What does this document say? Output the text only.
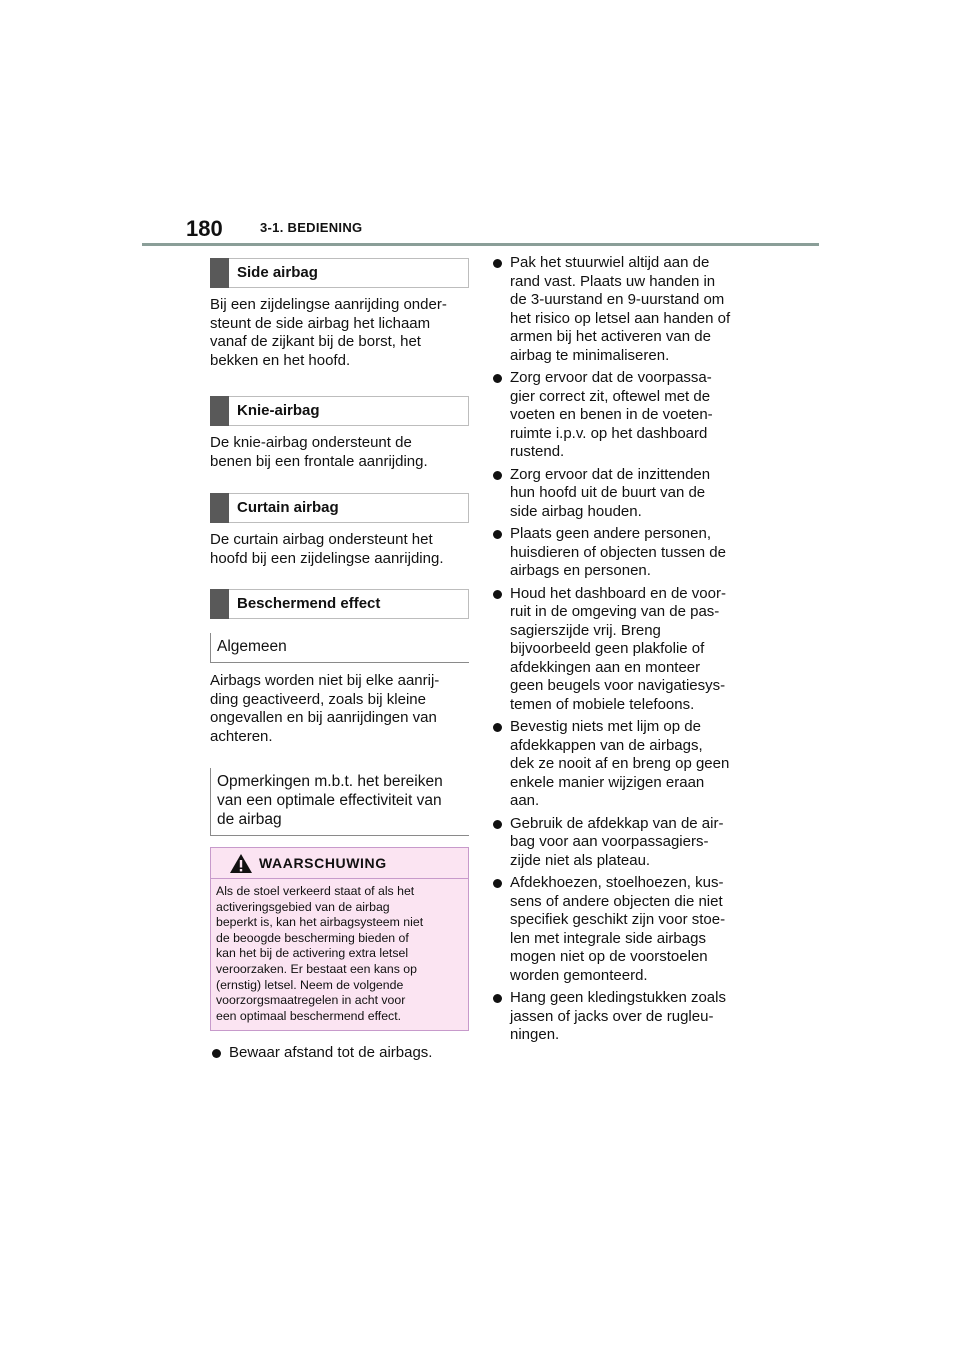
180	3-1. BEDIENING
Side airbag
Bij een zijdelingse aanrijding onder-
steunt de side airbag het lichaam
vanaf de zijkant bij de borst, het
bekken en het hoofd.
Knie-airbag
De knie-airbag ondersteunt de
benen bij een frontale aanrijding.
Curtain airbag
De curtain airbag ondersteunt het
hoofd bij een zijdelingse aanrijding.
Beschermend effect
Algemeen
Airbags worden niet bij elke aanrij-
ding geactiveerd, zoals bij kleine
ongevallen en bij aanrijdingen van
achteren.
Opmerkingen m.b.t. het bereiken
van een optimale effectiviteit van
de airbag
WAARSCHUWING
Als de stoel verkeerd staat of als het
activeringsgebied van de airbag
beperkt is, kan het airbagsysteem niet
de beoogde bescherming bieden of
kan het bij de activering extra letsel
veroorzaken. Er bestaat een kans op
(ernstig) letsel. Neem de volgende
voorzorgsmaatregelen in acht voor
een optimaal beschermend effect.
Bewaar afstand tot de airbags.
Pak het stuurwiel altijd aan de
rand vast. Plaats uw handen in
de 3-uurstand en 9-uurstand om
het risico op letsel aan handen of
armen bij het activeren van de
airbag te minimaliseren.
Zorg ervoor dat de voorpassa-
gier correct zit, oftewel met de
voeten en benen in de voeten-
ruimte i.p.v. op het dashboard
rustend.
Zorg ervoor dat de inzittenden
hun hoofd uit de buurt van de
side airbag houden.
Plaats geen andere personen,
huisdieren of objecten tussen de
airbags en personen.
Houd het dashboard en de voor-
ruit in de omgeving van de pas-
sagierszijde vrij. Breng
bijvoorbeeld geen plakfolie of
afdekkingen aan en monteer
geen beugels voor navigatiesys-
temen of mobiele telefoons.
Bevestig niets met lijm op de
afdekkappen van de airbags,
dek ze nooit af en breng op geen
enkele manier wijzigen eraan
aan.
Gebruik de afdekkap van de air-
bag voor aan voorpassagiers-
zijde niet als plateau.
Afdekhoezen, stoelhoezen, kus-
sens of andere objecten die niet
specifiek geschikt zijn voor stoe-
len met integrale side airbags
mogen niet op de voorstoelen
worden gemonteerd.
Hang geen kledingstukken zoals
jassen of jacks over de rugleu-
ningen.
